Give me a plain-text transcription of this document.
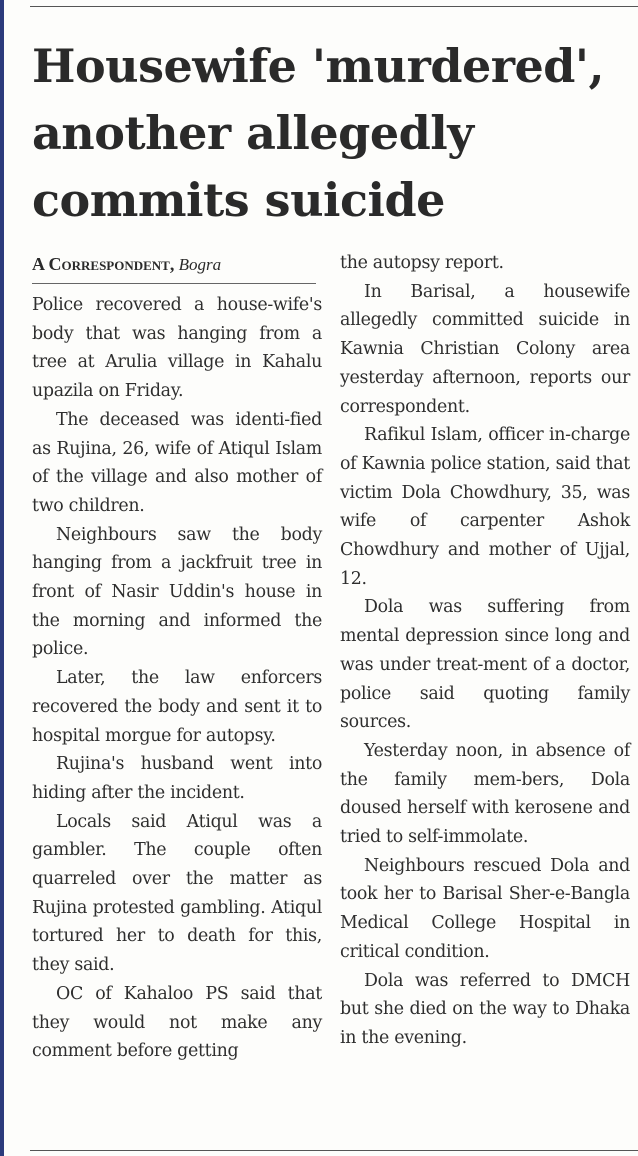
Housewife 'murdered', another allegedly commits suicide
A Correspondent, Bogra

Police recovered a house-wife's body that was hanging from a tree at Arulia village in Kahalu upazila on Friday.

The deceased was identi-fied as Rujina, 26, wife of Atiqul Islam of the village and also mother of two children.

Neighbours saw the body hanging from a jackfruit tree in front of Nasir Uddin's house in the morning and informed the police.

Later, the law enforcers recovered the body and sent it to hospital morgue for autopsy.

Rujina's husband went into hiding after the incident.

Locals said Atiqul was a gambler. The couple often quarreled over the matter as Rujina protested gambling. Atiqul tortured her to death for this, they said.

OC of Kahaloo PS said that they would not make any comment before getting

the autopsy report.

In Barisal, a housewife allegedly committed suicide in Kawnia Christian Colony area yesterday afternoon, reports our correspondent.

Rafikul Islam, officer in-charge of Kawnia police station, said that victim Dola Chowdhury, 35, was wife of carpenter Ashok Chowdhury and mother of Ujjal, 12.

Dola was suffering from mental depression since long and was under treat-ment of a doctor, police said quoting family sources.

Yesterday noon, in absence of the family mem-bers, Dola doused herself with kerosene and tried to self-immolate.

Neighbours rescued Dola and took her to Barisal Sher-e-Bangla Medical College Hospital in critical condition.

Dola was referred to DMCH but she died on the way to Dhaka in the evening.
